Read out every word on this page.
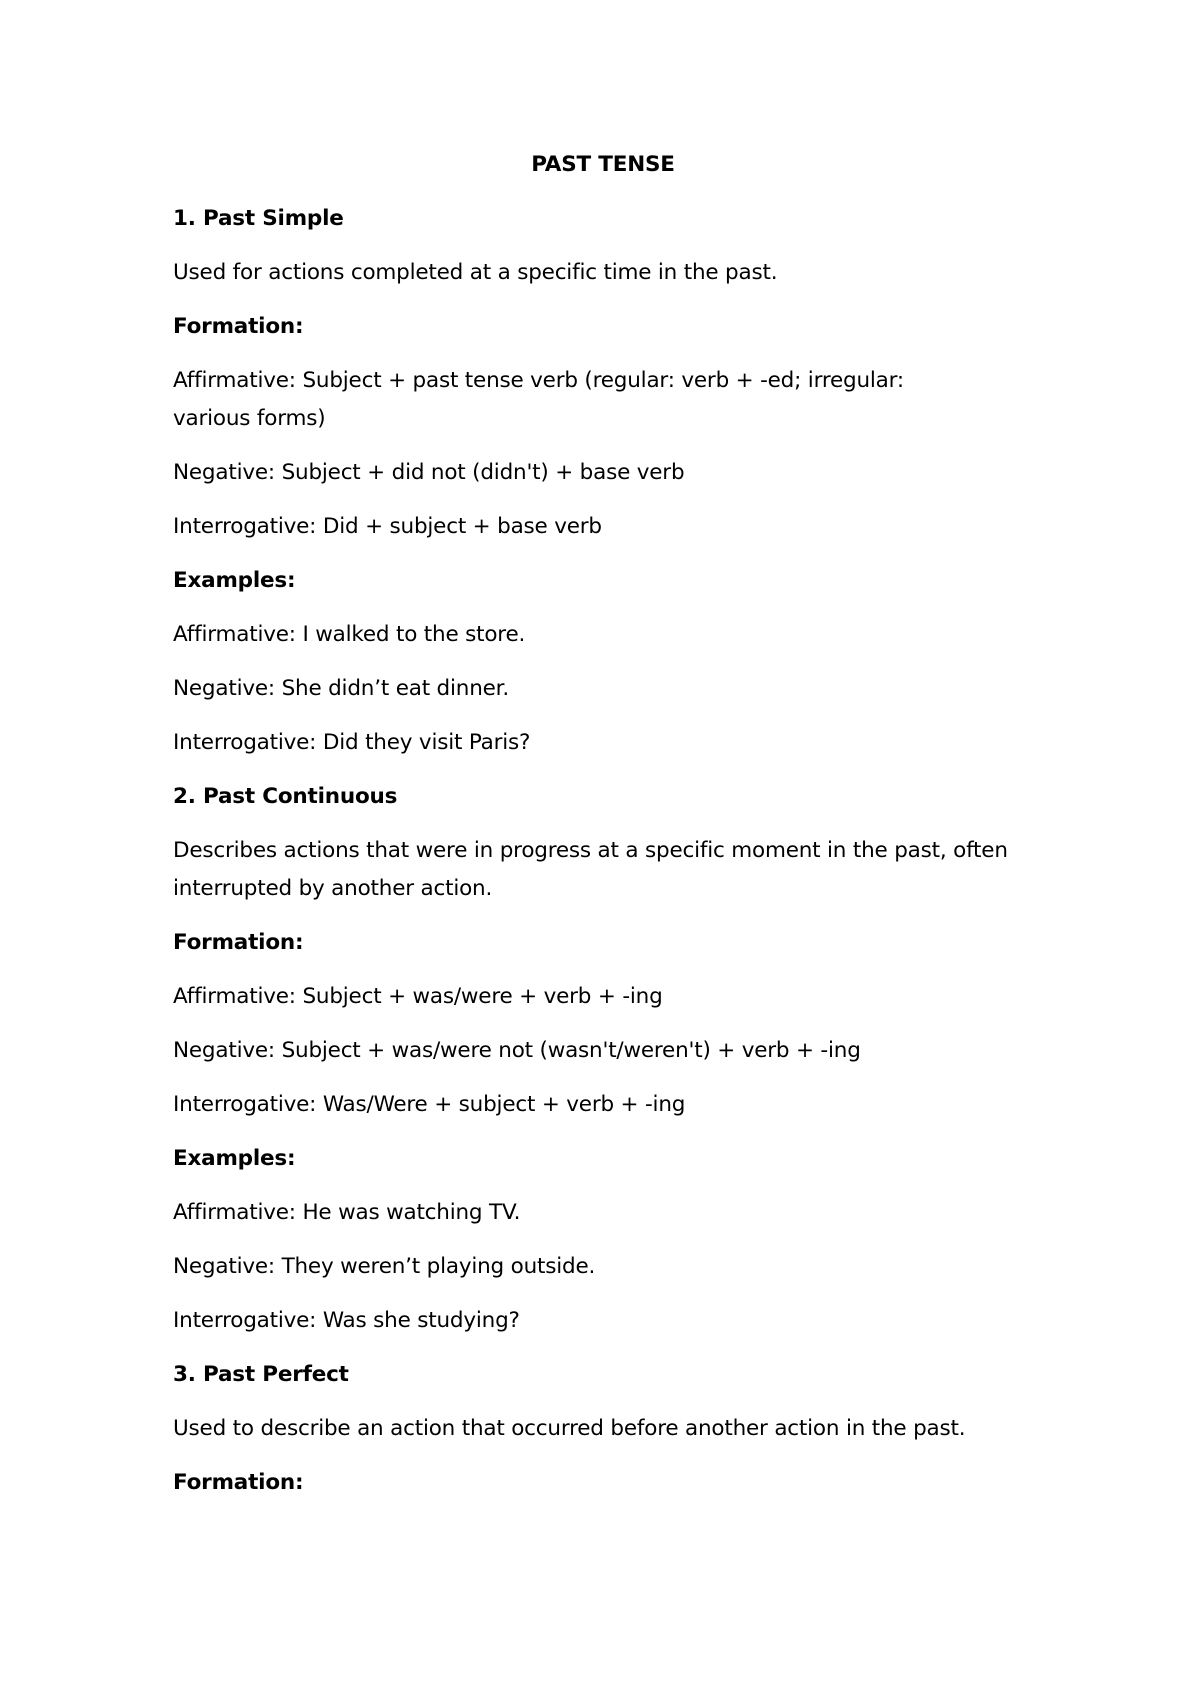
PAST TENSE

1. Past Simple

Used for actions completed at a specific time in the past.

Formation:

Affirmative: Subject + past tense verb (regular: verb + -ed; irregular: various forms)

Negative: Subject + did not (didn't) + base verb

Interrogative: Did + subject + base verb

Examples:

Affirmative: I walked to the store.

Negative: She didn’t eat dinner.

Interrogative: Did they visit Paris?

2. Past Continuous

Describes actions that were in progress at a specific moment in the past, often interrupted by another action.

Formation:

Affirmative: Subject + was/were + verb + -ing

Negative: Subject + was/were not (wasn't/weren't) + verb + -ing

Interrogative: Was/Were + subject + verb + -ing

Examples:

Affirmative: He was watching TV.

Negative: They weren’t playing outside.

Interrogative: Was she studying?

3. Past Perfect

Used to describe an action that occurred before another action in the past.

Formation:
